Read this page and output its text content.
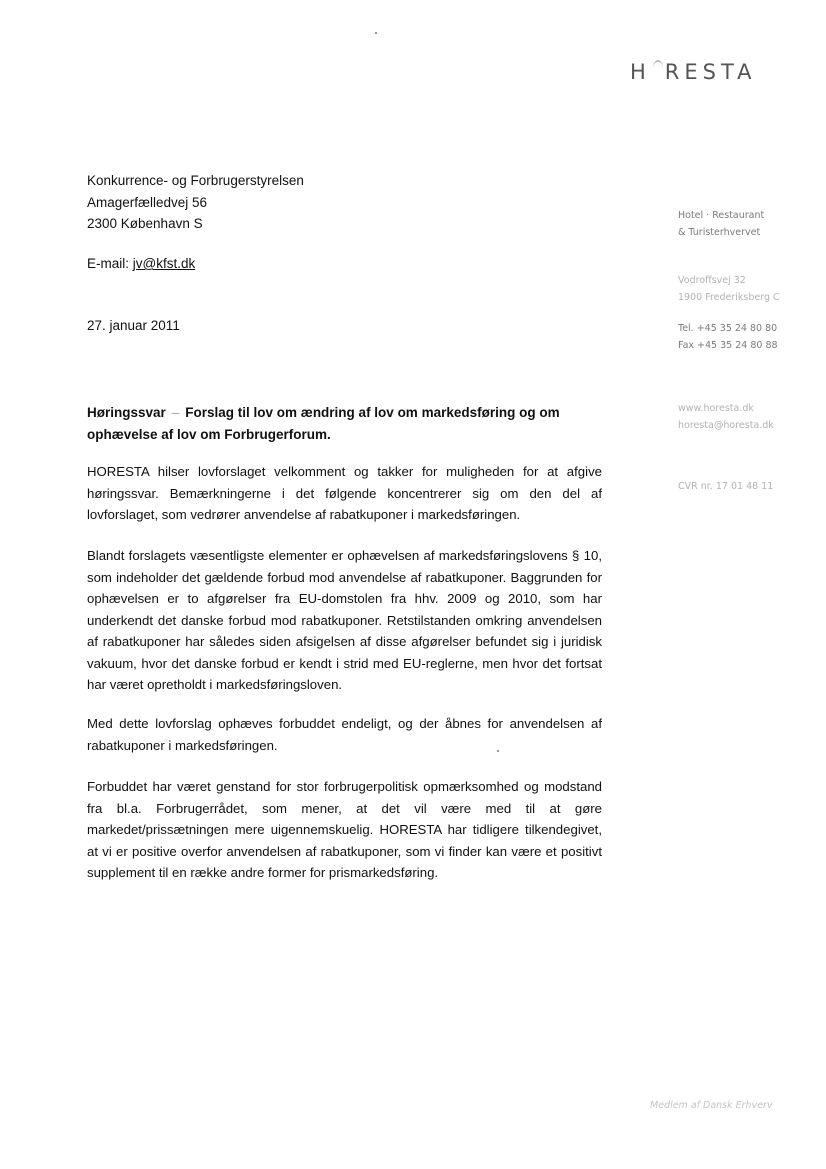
H RESTA
Konkurrence- og Forbrugerstyrelsen
Amagerfælledvej 56
2300 København S
E-mail: jv@kfst.dk
27. januar 2011
Høringssvar – Forslag til lov om ændring af lov om markedsføring og om ophævelse af lov om Forbrugerforum.

HORESTA hilser lovforslaget velkomment og takker for muligheden for at afgive høringssvar. Bemærkningerne i det følgende koncentrerer sig om den del af lovforslaget, som vedrører anvendelse af rabatkuponer i markedsføringen.

Blandt forslagets væsentligste elementer er ophævelsen af markedsføringslovens § 10, som indeholder det gældende forbud mod anvendelse af rabatkuponer. Baggrunden for ophævelsen er to afgørelser fra EU-domstolen fra hhv. 2009 og 2010, som har underkendt det danske forbud mod rabatkuponer. Retstilstanden omkring anvendelsen af rabatkuponer har således siden afsigelsen af disse afgørelser befundet sig i juridisk vakuum, hvor det danske forbud er kendt i strid med EU-reglerne, men hvor det fortsat har været opretholdt i markedsføringsloven.

Med dette lovforslag ophæves forbuddet endeligt, og der åbnes for anvendelsen af rabatkuponer i markedsføringen.

Forbuddet har været genstand for stor forbrugerpolitisk opmærksomhed og modstand fra bl.a. Forbrugerrådet, som mener, at det vil være med til at gøre markedet/prissætningen mere uigennemskuelig. HORESTA har tidligere tilkendegivet, at vi er positive overfor anvendelsen af rabatkuponer, som vi finder kan være et positivt supplement til en række andre former for prismarkedsføring.

Hotel · Restaurant
& Turisterhvervet
Vodroffsvej 32
1900 Frederiksberg C
Tel. +45 35 24 80 80
Fax +45 35 24 80 88
www.horesta.dk
horesta@horesta.dk
CVR nr. 17 01 48 11
Medlem af Dansk Erhverv
